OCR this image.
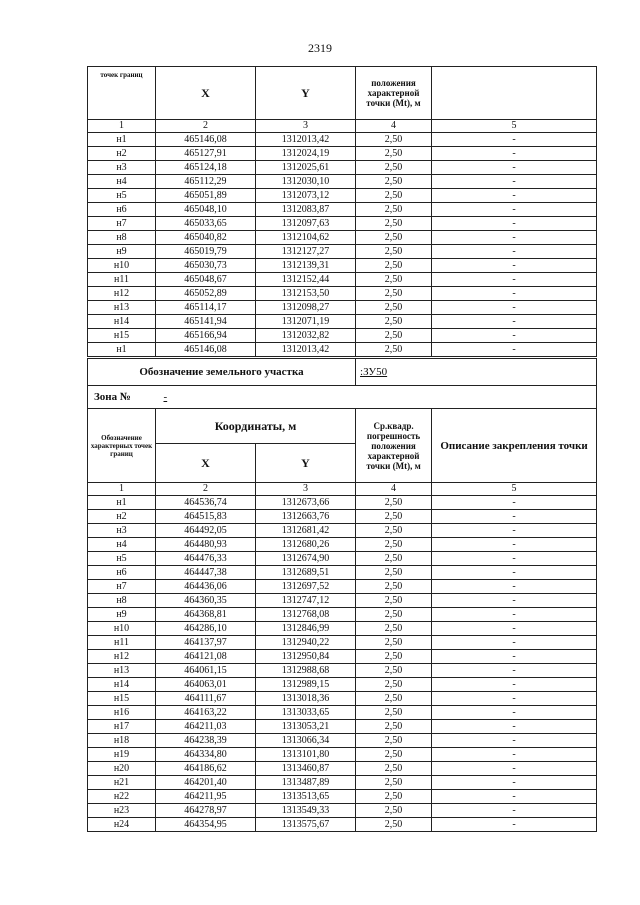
2319
точек границ	X	Y	положения характерной точки (Mt), м	
1	2	3	4	5
н1	465146,08	1312013,42	2,50	-
н2	465127,91	1312024,19	2,50	-
н3	465124,18	1312025,61	2,50	-
н4	465112,29	1312030,10	2,50	-
н5	465051,89	1312073,12	2,50	-
н6	465048,10	1312083,87	2,50	-
н7	465033,65	1312097,63	2,50	-
н8	465040,82	1312104,62	2,50	-
н9	465019,79	1312127,27	2,50	-
н10	465030,73	1312139,31	2,50	-
н11	465048,67	1312152,44	2,50	-
н12	465052,89	1312153,50	2,50	-
н13	465114,17	1312098,27	2,50	-
н14	465141,94	1312071,19	2,50	-
н15	465166,94	1312032,82	2,50	-
н1	465146,08	1312013,42	2,50	-
Обозначение земельного участка			:ЗУ50	
Зона №	-			
Обозначение характерных точек границ	Координаты, м		Ср.квадр. погрешность положения характерной точки (Mt), м	Описание закрепления точки
	X	Y		
1	2	3	4	5
н1	464536,74	1312673,66	2,50	-
н2	464515,83	1312663,76	2,50	-
н3	464492,05	1312681,42	2,50	-
н4	464480,93	1312680,26	2,50	-
н5	464476,33	1312674,90	2,50	-
н6	464447,38	1312689,51	2,50	-
н7	464436,06	1312697,52	2,50	-
н8	464360,35	1312747,12	2,50	-
н9	464368,81	1312768,08	2,50	-
н10	464286,10	1312846,99	2,50	-
н11	464137,97	1312940,22	2,50	-
н12	464121,08	1312950,84	2,50	-
н13	464061,15	1312988,68	2,50	-
н14	464063,01	1312989,15	2,50	-
н15	464111,67	1313018,36	2,50	-
н16	464163,22	1313033,65	2,50	-
н17	464211,03	1313053,21	2,50	-
н18	464238,39	1313066,34	2,50	-
н19	464334,80	1313101,80	2,50	-
н20	464186,62	1313460,87	2,50	-
н21	464201,40	1313487,89	2,50	-
н22	464211,95	1313513,65	2,50	-
н23	464278,97	1313549,33	2,50	-
н24	464354,95	1313575,67	2,50	-
